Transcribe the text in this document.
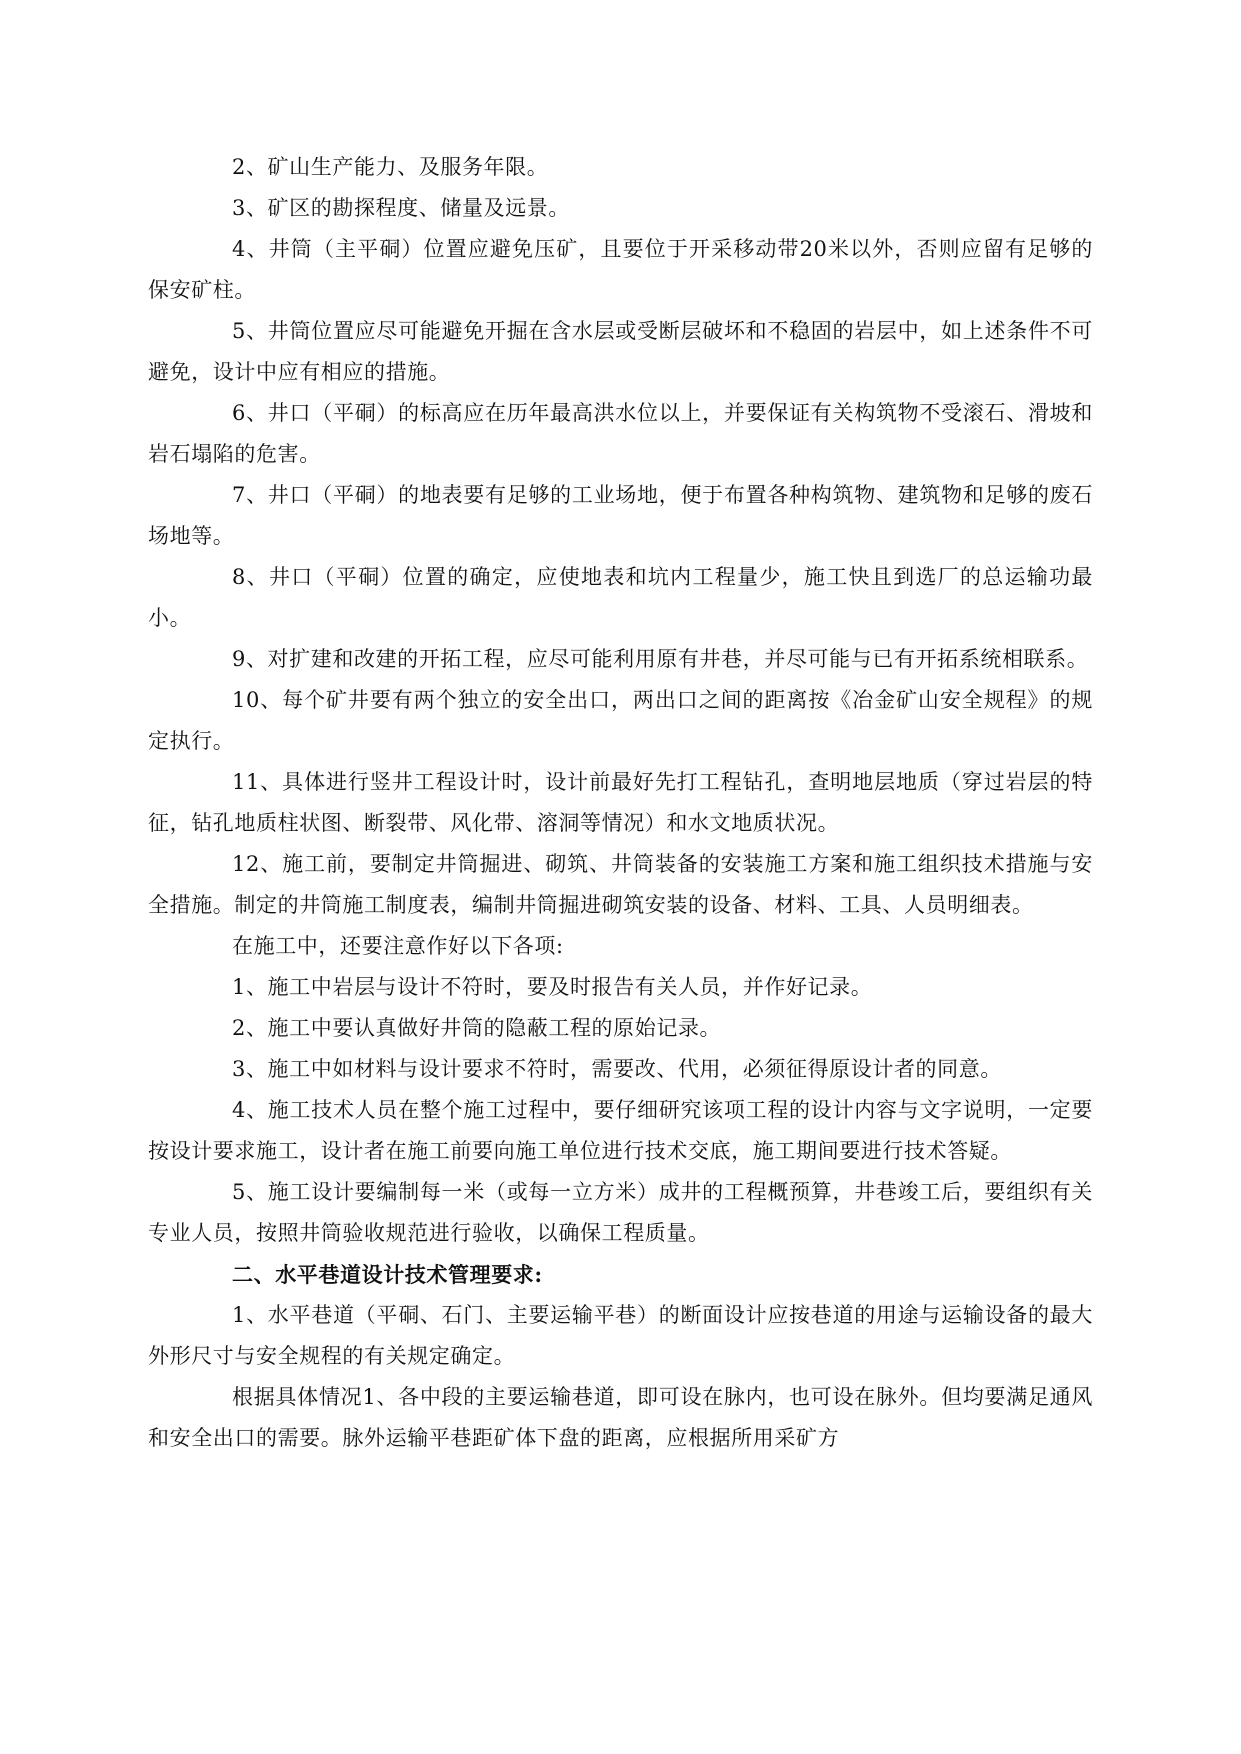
2、矿山生产能力、及服务年限。

3、矿区的勘探程度、储量及远景。

4、井筒（主平硐）位置应避免压矿，且要位于开采移动带20米以外，否则应留有足够的保安矿柱。

5、井筒位置应尽可能避免开掘在含水层或受断层破坏和不稳固的岩层中，如上述条件不可避免，设计中应有相应的措施。

6、井口（平硐）的标高应在历年最高洪水位以上，并要保证有关构筑物不受滚石、滑坡和岩石塌陷的危害。

7、井口（平硐）的地表要有足够的工业场地，便于布置各种构筑物、建筑物和足够的废石场地等。

8、井口（平硐）位置的确定，应使地表和坑内工程量少，施工快且到选厂的总运输功最小。

9、对扩建和改建的开拓工程，应尽可能利用原有井巷，并尽可能与已有开拓系统相联系。

10、每个矿井要有两个独立的安全出口，两出口之间的距离按《冶金矿山安全规程》的规定执行。

11、具体进行竖井工程设计时，设计前最好先打工程钻孔，查明地层地质（穿过岩层的特征，钻孔地质柱状图、断裂带、风化带、溶洞等情况）和水文地质状况。

12、施工前，要制定井筒掘进、砌筑、井筒装备的安装施工方案和施工组织技术措施与安全措施。制定的井筒施工制度表，编制井筒掘进砌筑安装的设备、材料、工具、人员明细表。

在施工中，还要注意作好以下各项:

1、施工中岩层与设计不符时，要及时报告有关人员，并作好记录。

2、施工中要认真做好井筒的隐蔽工程的原始记录。

3、施工中如材料与设计要求不符时，需要改、代用，必须征得原设计者的同意。

4、施工技术人员在整个施工过程中，要仔细研究该项工程的设计内容与文字说明，一定要按设计要求施工，设计者在施工前要向施工单位进行技术交底，施工期间要进行技术答疑。

5、施工设计要编制每一米（或每一立方米）成井的工程概预算，井巷竣工后，要组织有关专业人员，按照井筒验收规范进行验收，以确保工程质量。

二、水平巷道设计技术管理要求:

1、水平巷道（平硐、石门、主要运输平巷）的断面设计应按巷道的用途与运输设备的最大外形尺寸与安全规程的有关规定确定。

根据具体情况1、各中段的主要运输巷道，即可设在脉内，也可设在脉外。但均要满足通风和安全出口的需要。脉外运输平巷距矿体下盘的距离，应根据所用采矿方
